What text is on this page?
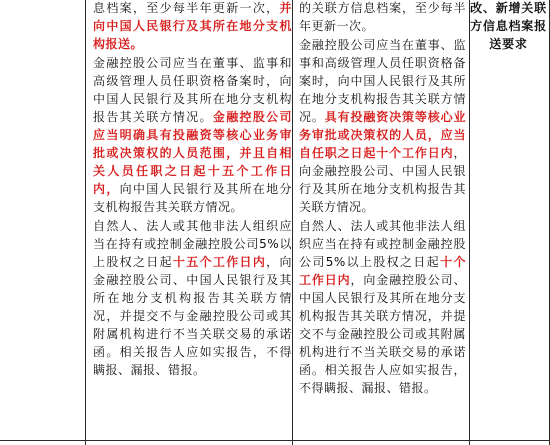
息档案，至少每半年更新一次，并向中国人民银行及其所在地分支机构报送。

金融控股公司应当在董事、监事和高级管理人员任职资格备案时，向中国人民银行及其所在地分支机构报告其关联方情况。金融控股公司应当明确具有投融资等核心业务审批或决策权的人员范围，并且自相关人员任职之日起十五个工作日内，向中国人民银行及其所在地分支机构报告其关联方情况。

自然人、法人或其他非法人组织应当在持有或控制金融控股公司5%以上股权之日起十五个工作日内，向金融控股公司、中国人民银行及其所在地分支机构报告其关联方情况，并提交不与金融控股公司或其附属机构进行不当关联交易的承诺函。相关报告人应如实报告，不得瞒报、漏报、错报。

的关联方信息档案，至少每半年更新一次。

金融控股公司应当在董事、监事和高级管理人员任职资格备案时，向中国人民银行及其所在地分支机构报告其关联方情况。具有投融资决策等核心业务审批或决策权的人员，应当自任职之日起十个工作日内，向金融控股公司、中国人民银行及其所在地分支机构报告其关联方情况。

自然人、法人或其他非法人组织应当在持有或控制金融控股公司5%以上股权之日起十个工作日内，向金融控股公司、中国人民银行及其所在地分支机构报告其关联方情况，并提交不与金融控股公司或其附属机构进行不当关联交易的承诺函。相关报告人应如实报告，不得瞒报、漏报、错报。

改、新增关联方信息档案报送要求
